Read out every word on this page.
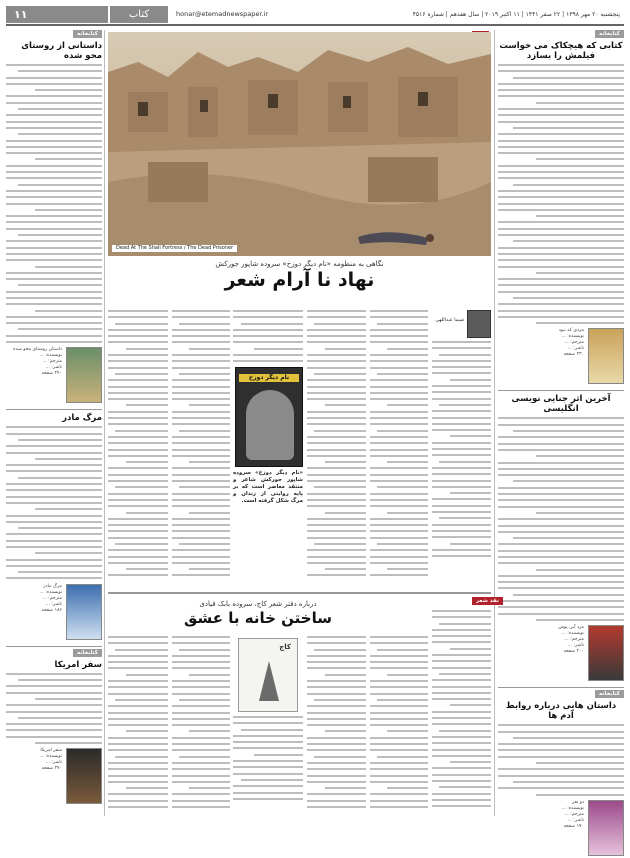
۱۱	کتاب	honar@etemadnewspaper.ir	پنجشنبه ۲۰ مهر ۱۳۹۸ | ۲۲ صفر ۱۴۴۱ | ۱۱ اکتبر ۲۰۱۹ | سال هفدهم | شماره ۴۵۱۶
کتابخانه
داستانی از روستای محو شده
داستان روستای محو شده
نویسنده: ...
مترجم: ...
ناشر: ...
۲۴۰ صفحه
مرگ مادر
مرگ مادر
نویسنده: ...
مترجم: ...
ناشر: ...
۱۸۶ صفحه
کتابخانه
سفر امریکا
سفر امریکا
نویسنده: ...
ناشر: ...
۲۷۰ صفحه
کتابخانه
کتابی که هیچکاک می خواست فیلمش را بسازد
مردی که نبود
نویسنده: ...
مترجم: ...
ناشر: ...
۲۳۰ صفحه
آخرین اثر جنایی نویسی انگلیسی
مرد آبی پوش
نویسنده: ...
مترجم: ...
ناشر: ...
۲۰۰ صفحه
کتابخانه
داستان هایی درباره روابط آدم ها
دو نفر
نویسنده: ...
مترجم: ...
ناشر: ...
۱۷۰ صفحه
Dead At The Shali Fortress / The Dead Prisoner
نگاهی به منظومه «نام دیگر دوزخ» سروده شاپور جورکش
نهاد نا آرام شعر
شیما عبداللهی
نام دیگر دوزخ
«نام دیگر دوزخ» سروده شاپور جورکش شاعر و منتقد معاصر است که بر پایه روایتی از زندان و مرگ شکل گرفته است.
نقد شعر
درباره دفتر شعر کاج، سروده بابک قیادی
ساختن خانه با عشق
کاج
